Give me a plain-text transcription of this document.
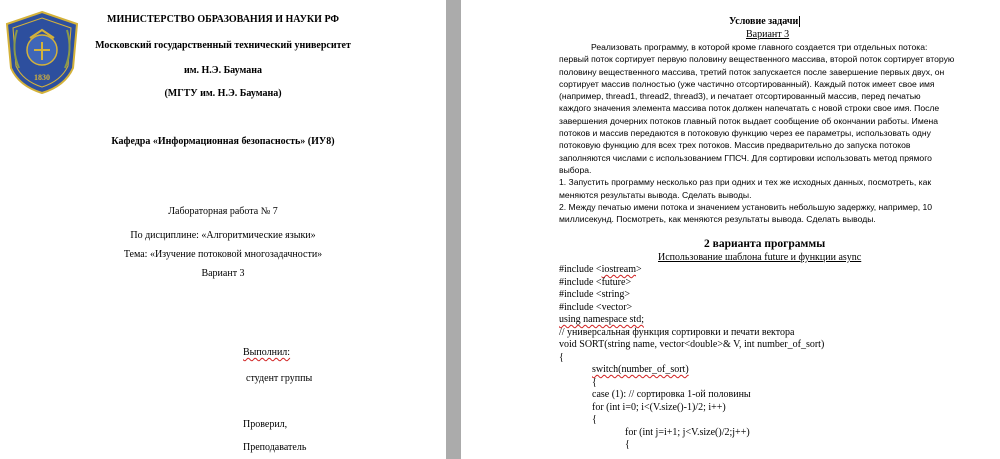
1830
МИНИСТЕРСТВО ОБРАЗОВАНИЯ И НАУКИ РФ
Московский государственный технический университет
им. Н.Э. Баумана
(МГТУ им. Н.Э. Баумана)
Кафедра «Информационная безопасность» (ИУ8)
Лабораторная работа № 7
По дисциплине: «Алгоритмические языки»
Тема: «Изучение потоковой многозадачности»
Вариант 3
Выполнил:
студент группы
Проверил,
Преподаватель
Условие задачи
Вариант 3
Реализовать программу, в которой кроме главного создается три отдельных потока:
первый поток сортирует первую половину вещественного массива, второй поток сортирует вторую
половину вещественного массива, третий поток запускается после завершение первых двух, он
сортирует массив полностью (уже частично отсортированный). Каждый поток имеет свое имя
(например, thread1, thread2, thread3), и печатает отсортированный массив, перед печатью
каждого значения элемента массива поток должен напечатать с новой строки свое имя. После
завершения дочерних потоков главный поток выдает сообщение об окончании работы. Имена
потоков и массив передаются в потоковую функцию через ее параметры, использовать одну
потоковую функцию для всех трех потоков. Массив предварительно до запуска потоков
заполняются числами с использованием ГПСЧ. Для сортировки использовать метод прямого
выбора.
1. Запустить программу несколько раз при одних и тех же исходных данных, посмотреть, как
меняются результаты вывода. Сделать выводы.
2. Между печатью имени потока и значением установить небольшую задержку, например, 10
миллисекунд. Посмотреть, как меняются результаты вывода. Сделать выводы.
2 варианта программы
Использование шаблона future и функции async
#include <iostream>
#include <future>
#include <string>
#include <vector>
using namespace std;
// универсальная функция сортировки и печати вектора
void SORT(string name, vector<double>& V, int number_of_sort)
{
switch(number_of_sort)
{
case (1): // сортировка 1-ой половины
for (int i=0; i<(V.size()-1)/2; i++)
{
for (int j=i+1; j<V.size()/2;j++)
{
